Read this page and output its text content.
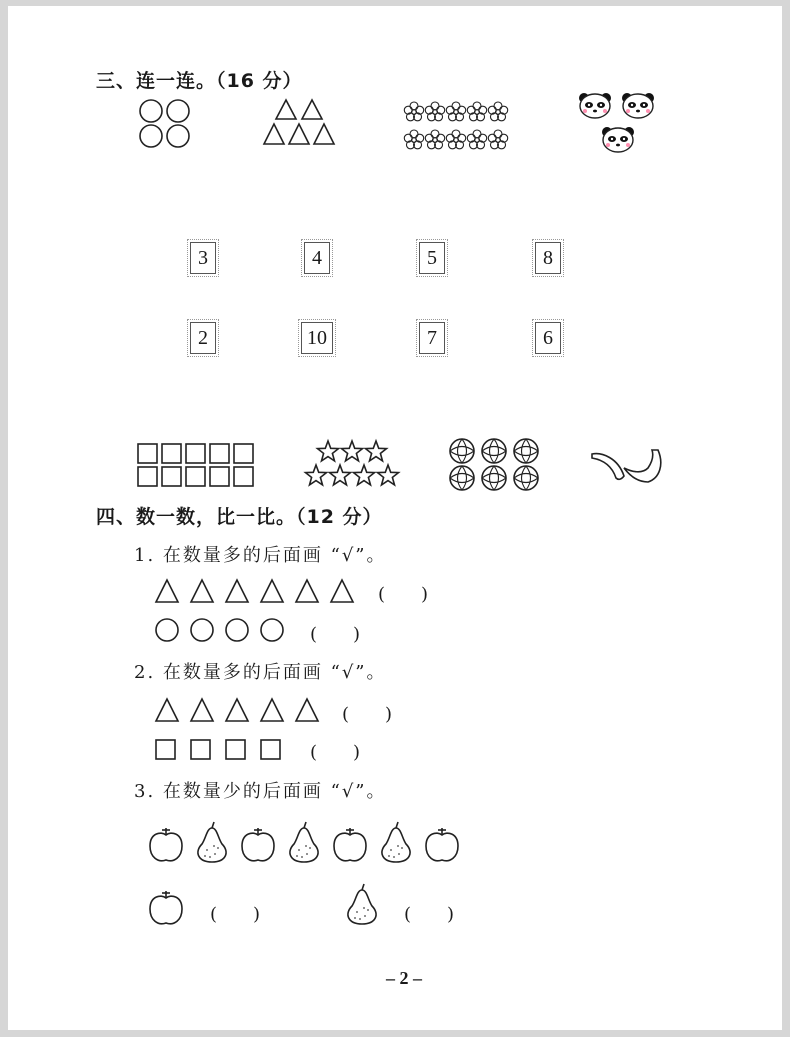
三、连一连。（16 分）
3	4	5	8
2	10	7	6
四、数一数，比一比。（12 分）
1. 在数量多的后面画 “√”。
(　　)
(　　)
2. 在数量多的后面画 “√”。
(　　)
(　　)
3. 在数量少的后面画 “√”。
(　　)	(　　)
– 2 –
